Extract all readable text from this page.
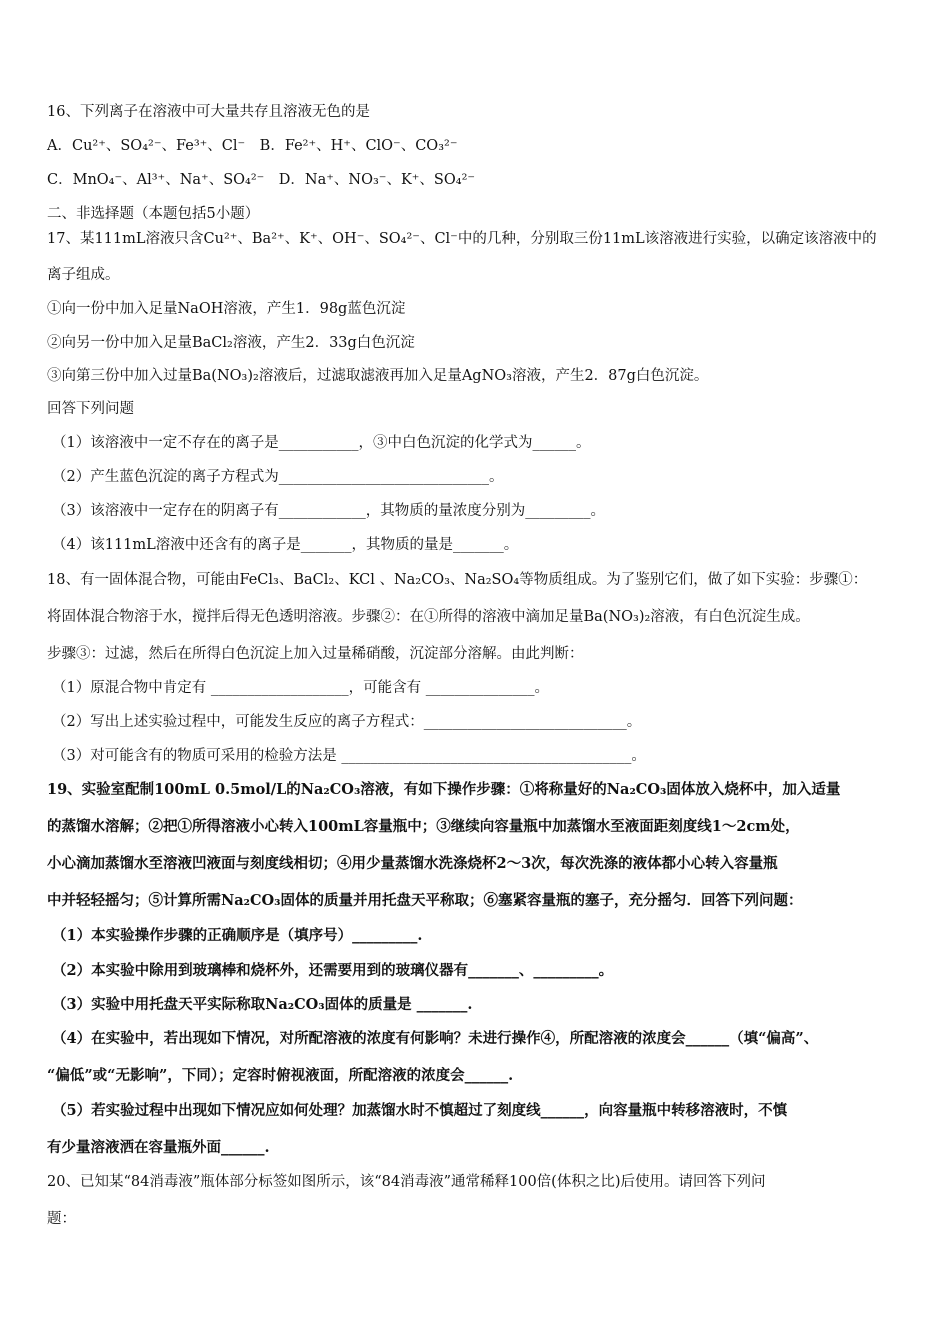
16、下列离子在溶液中可大量共存且溶液无色的是
A．Cu²⁺、SO₄²⁻、Fe³⁺、Cl⁻　B．Fe²⁺、H⁺、ClO⁻、CO₃²⁻
C．MnO₄⁻、Al³⁺、Na⁺、SO₄²⁻　D．Na⁺、NO₃⁻、K⁺、SO₄²⁻
二、非选择题（本题包括5小题）
17、某111mL溶液只含Cu²⁺、Ba²⁺、K⁺、OH⁻、SO₄²⁻、Cl⁻中的几种，分别取三份11mL该溶液进行实验，以确定该溶液中的
离子组成。
①向一份中加入足量NaOH溶液，产生1．98g蓝色沉淀
②向另一份中加入足量BaCl₂溶液，产生2．33g白色沉淀
③向第三份中加入过量Ba(NO₃)₂溶液后，过滤取滤液再加入足量AgNO₃溶液，产生2．87g白色沉淀。
回答下列问题
（1）该溶液中一定不存在的离子是___________，③中白色沉淀的化学式为______。
（2）产生蓝色沉淀的离子方程式为_____________________________。
（3）该溶液中一定存在的阴离子有____________，其物质的量浓度分别为_________。
（4）该111mL溶液中还含有的离子是_______，其物质的量是_______。
18、有一固体混合物，可能由FeCl₃、BaCl₂、KCl 、Na₂CO₃、Na₂SO₄等物质组成。为了鉴别它们，做了如下实验：步骤①：
将固体混合物溶于水，搅拌后得无色透明溶液。步骤②：在①所得的溶液中滴加足量Ba(NO₃)₂溶液，有白色沉淀生成。
步骤③：过滤，然后在所得白色沉淀上加入过量稀硝酸，沉淀部分溶解。由此判断：
（1）原混合物中肯定有 ___________________，可能含有 _______________。
（2）写出上述实验过程中，可能发生反应的离子方程式：____________________________。
（3）对可能含有的物质可采用的检验方法是 ________________________________________。
19、实验室配制100mL 0.5mol/L的Na₂CO₃溶液，有如下操作步骤：①将称量好的Na₂CO₃固体放入烧杯中，加入适量
的蒸馏水溶解；②把①所得溶液小心转入100mL容量瓶中；③继续向容量瓶中加蒸馏水至液面距刻度线1～2cm处，
小心滴加蒸馏水至溶液凹液面与刻度线相切；④用少量蒸馏水洗涤烧杯2～3次，每次洗涤的液体都小心转入容量瓶
中并轻轻摇匀；⑤计算所需Na₂CO₃固体的质量并用托盘天平称取；⑥塞紧容量瓶的塞子，充分摇匀．回答下列问题：
（1）本实验操作步骤的正确顺序是（填序号）_________.
（2）本实验中除用到玻璃棒和烧杯外，还需要用到的玻璃仪器有_______、_________。
（3）实验中用托盘天平实际称取Na₂CO₃固体的质量是 _______.
（4）在实验中，若出现如下情况，对所配溶液的浓度有何影响？未进行操作④，所配溶液的浓度会______（填“偏高”、
“偏低”或“无影响”，下同）；定容时俯视液面，所配溶液的浓度会______.
（5）若实验过程中出现如下情况应如何处理？加蒸馏水时不慎超过了刻度线______，向容量瓶中转移溶液时，不慎
有少量溶液洒在容量瓶外面______.
20、已知某“84消毒液”瓶体部分标签如图所示，该“84消毒液”通常稀释100倍(体积之比)后使用。请回答下列问
题：
